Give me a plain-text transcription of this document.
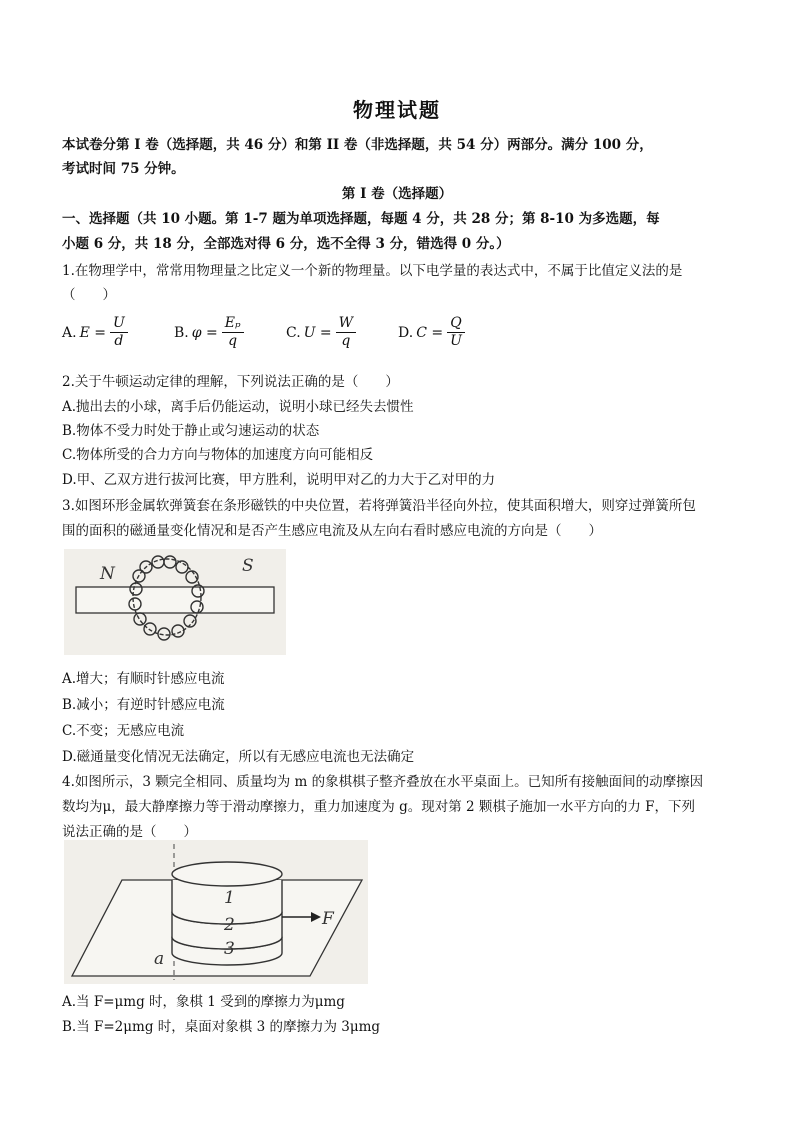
物理试题
本试卷分第 I 卷（选择题，共 46 分）和第 II 卷（非选择题，共 54 分）两部分。满分 100 分，
考试时间 75 分钟。
第 I 卷（选择题）
一、选择题（共 10 小题。第 1-7 题为单项选择题，每题 4 分，共 28 分；第 8-10 为多选题，每
小题 6 分，共 18 分，全部选对得 6 分，选不全得 3 分，错选得 0 分。）
1.在物理学中，常常用物理量之比定义一个新的物理量。以下电学量的表达式中，不属于比值定义法的是
（　　）
A. $E = \frac{U}{d}$	B. $\varphi = \frac{\text{Eₚ}}{q}$	C. $U = \frac{W}{q}$	D. $C = \frac{Q}{U}$
2.关于牛顿运动定律的理解，下列说法正确的是（　　）
A.抛出去的小球，离手后仍能运动，说明小球已经失去惯性
B.物体不受力时处于静止或匀速运动的状态
C.物体所受的合力方向与物体的加速度方向可能相反
D.甲、乙双方进行拔河比赛，甲方胜利，说明甲对乙的力大于乙对甲的力
3.如图环形金属软弹簧套在条形磁铁的中央位置，若将弹簧沿半径向外拉，使其面积增大，则穿过弹簧所包
围的面积的磁通量变化情况和是否产生感应电流及从左向右看时感应电流的方向是（　　）
N	S
A.增大；有顺时针感应电流
B.减小；有逆时针感应电流
C.不变；无感应电流
D.磁通量变化情况无法确定，所以有无感应电流也无法确定
4.如图所示，3 颗完全相同、质量均为 m 的象棋棋子整齐叠放在水平桌面上。已知所有接触面间的动摩擦因
数均为μ，最大静摩擦力等于滑动摩擦力，重力加速度为 g。现对第 2 颗棋子施加一水平方向的力 F，下列
说法正确的是（　　）
F
1
2
3
a
A.当 F=μmg 时，象棋 1 受到的摩擦力为μmg
B.当 F=2μmg 时，桌面对象棋 3 的摩擦力为 3μmg
